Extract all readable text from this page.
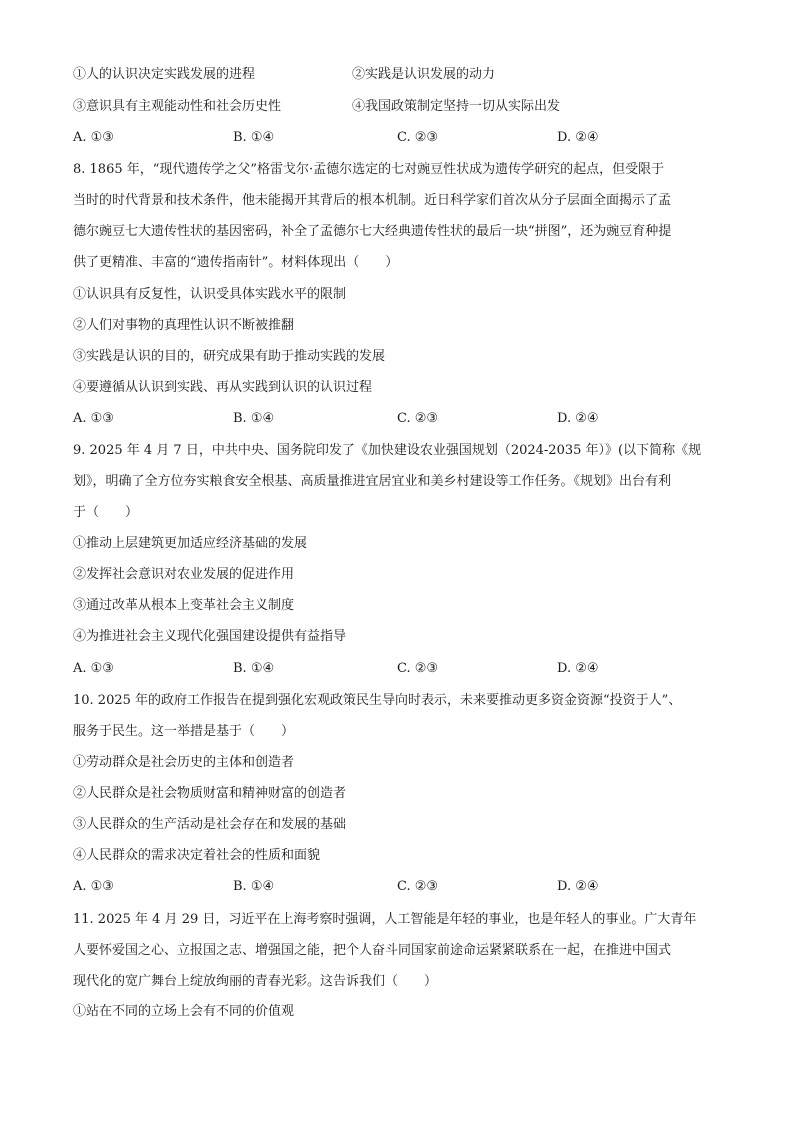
①人的认识决定实践发展的进程	②实践是认识发展的动力
③意识具有主观能动性和社会历史性	④我国政策制定坚持一切从实际出发
A. ①③	B. ①④	C. ②③	D. ②④
8. 1865 年，“现代遗传学之父”格雷戈尔·孟德尔选定的七对豌豆性状成为遗传学研究的起点，但受限于
当时的时代背景和技术条件，他未能揭开其背后的根本机制。近日科学家们首次从分子层面全面揭示了孟
德尔豌豆七大遗传性状的基因密码，补全了孟德尔七大经典遗传性状的最后一块“拼图”，还为豌豆育种提
供了更精准、丰富的“遗传指南针”。材料体现出（　　）
①认识具有反复性，认识受具体实践水平的限制
②人们对事物的真理性认识不断被推翻
③实践是认识的目的，研究成果有助于推动实践的发展
④要遵循从认识到实践、再从实践到认识的认识过程
A. ①③	B. ①④	C. ②③	D. ②④
9. 2025 年 4 月 7 日，中共中央、国务院印发了《加快建设农业强国规划（2024-2035 年）》(以下简称《规
划》，明确了全方位夯实粮食安全根基、高质量推进宜居宜业和美乡村建设等工作任务。《规划》出台有利
于（　　）
①推动上层建筑更加适应经济基础的发展
②发挥社会意识对农业发展的促进作用
③通过改革从根本上变革社会主义制度
④为推进社会主义现代化强国建设提供有益指导
A. ①③	B. ①④	C. ②③	D. ②④
10. 2025 年的政府工作报告在提到强化宏观政策民生导向时表示，未来要推动更多资金资源“投资于人”、
服务于民生。这一举措是基于（　　）
①劳动群众是社会历史的主体和创造者
②人民群众是社会物质财富和精神财富的创造者
③人民群众的生产活动是社会存在和发展的基础
④人民群众的需求决定着社会的性质和面貌
A. ①③	B. ①④	C. ②③	D. ②④
11. 2025 年 4 月 29 日，习近平在上海考察时强调，人工智能是年轻的事业，也是年轻人的事业。广大青年
人要怀爱国之心、立报国之志、增强国之能，把个人奋斗同国家前途命运紧紧联系在一起，在推进中国式
现代化的宽广舞台上绽放绚丽的青春光彩。这告诉我们（　　）
①站在不同的立场上会有不同的价值观
